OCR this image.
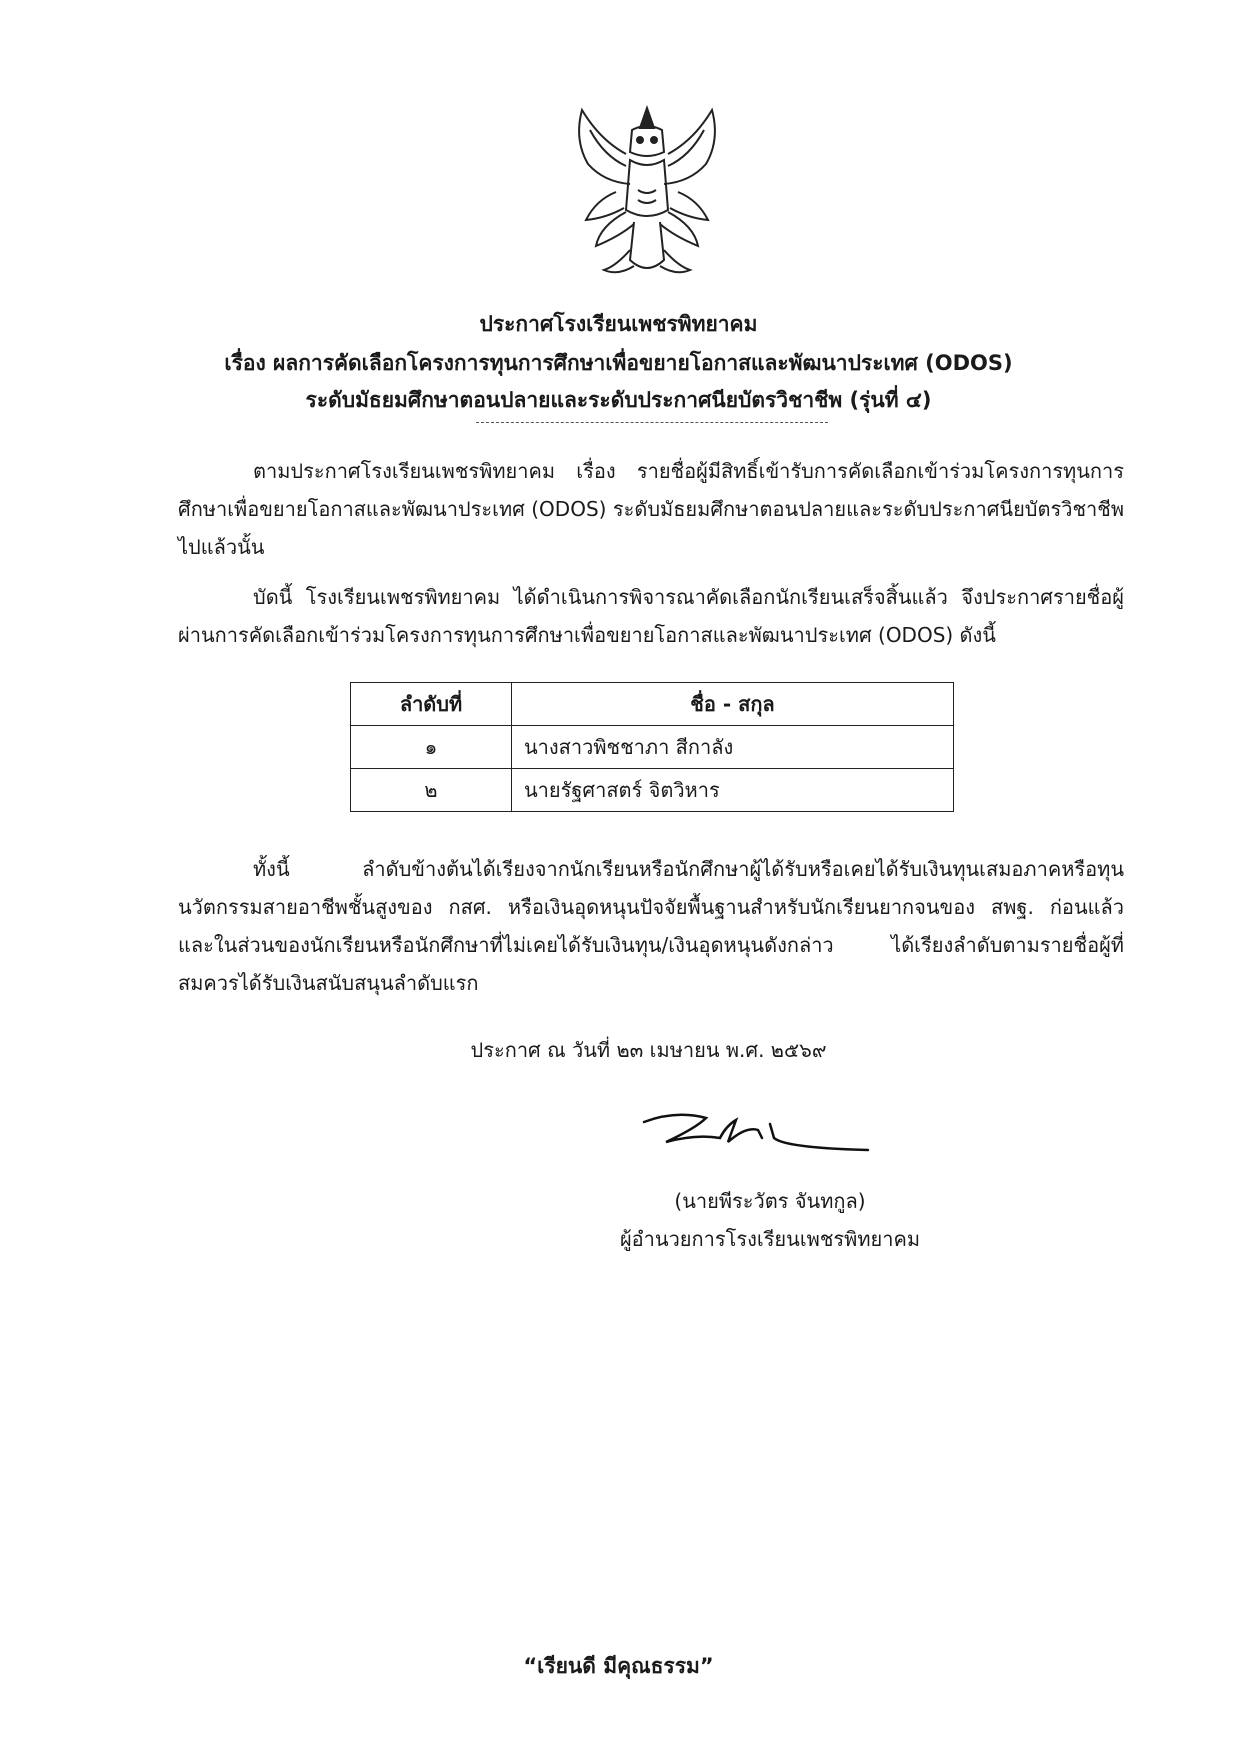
ประกาศโรงเรียนเพชรพิทยาคม
เรื่อง ผลการคัดเลือกโครงการทุนการศึกษาเพื่อขยายโอกาสและพัฒนาประเทศ (ODOS)
ระดับมัธยมศึกษาตอนปลายและระดับประกาศนียบัตรวิชาชีพ (รุ่นที่ ๔)

ตามประกาศโรงเรียนเพชรพิทยาคม เรื่อง รายชื่อผู้มีสิทธิ์เข้ารับการคัดเลือกเข้าร่วมโครงการทุนการศึกษาเพื่อขยายโอกาสและพัฒนาประเทศ (ODOS) ระดับมัธยมศึกษาตอนปลายและระดับประกาศนียบัตรวิชาชีพ ไปแล้วนั้น

บัดนี้ โรงเรียนเพชรพิทยาคม ได้ดำเนินการพิจารณาคัดเลือกนักเรียนเสร็จสิ้นแล้ว จึงประกาศรายชื่อผู้ผ่านการคัดเลือกเข้าร่วมโครงการทุนการศึกษาเพื่อขยายโอกาสและพัฒนาประเทศ (ODOS) ดังนี้

ลำดับที่	ชื่อ - สกุล
๑	นางสาวพิชชาภา สีกาลัง
๒	นายรัฐศาสตร์ จิตวิหาร

ทั้งนี้ ลำดับข้างต้นได้เรียงจากนักเรียนหรือนักศึกษาผู้ได้รับหรือเคยได้รับเงินทุนเสมอภาคหรือทุนนวัตกรรมสายอาชีพชั้นสูงของ กสศ. หรือเงินอุดหนุนปัจจัยพื้นฐานสำหรับนักเรียนยากจนของ สพฐ. ก่อนแล้ว และในส่วนของนักเรียนหรือนักศึกษาที่ไม่เคยได้รับเงินทุน/เงินอุดหนุนดังกล่าว ได้เรียงลำดับตามรายชื่อผู้ที่สมควรได้รับเงินสนับสนุนลำดับแรก

ประกาศ ณ วันที่ ๒๓ เมษายน พ.ศ. ๒๕๖๙
(นายพีระวัตร จันทกูล)
ผู้อำนวยการโรงเรียนเพชรพิทยาคม
“เรียนดี มีคุณธรรม”
